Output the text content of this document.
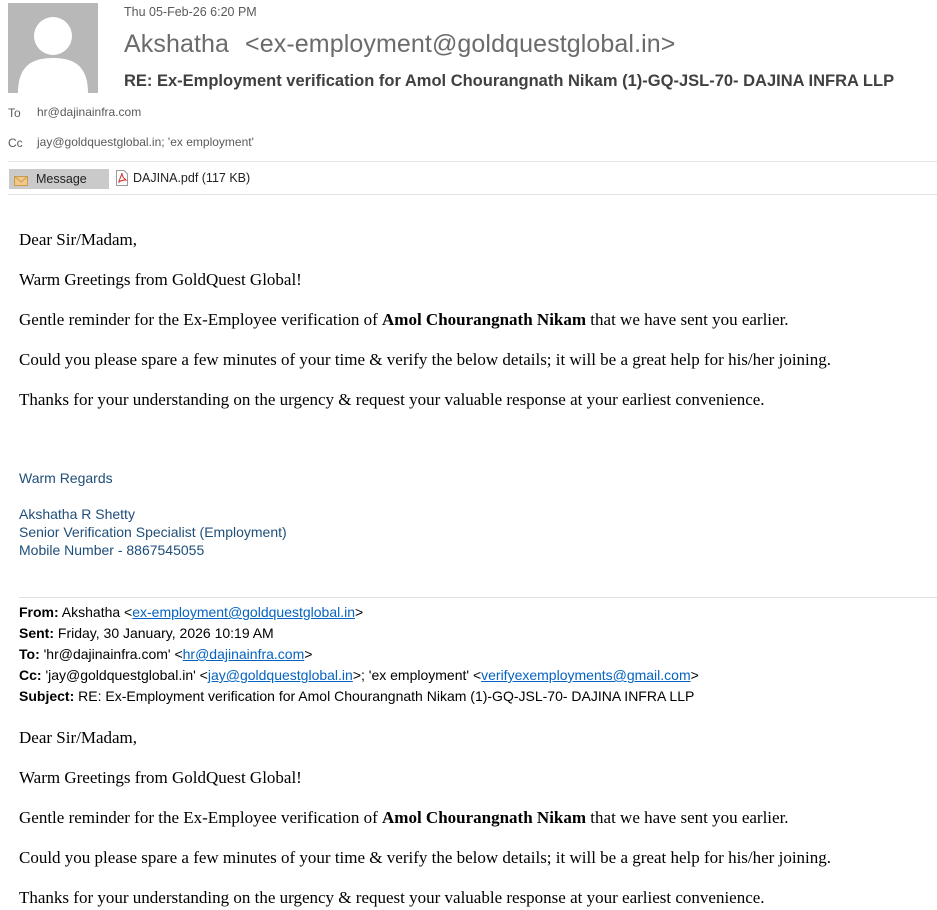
Thu 05-Feb-26 6:20 PM
Akshatha <ex-employment@goldquestglobal.in>
RE: Ex-Employment verification for Amol Chourangnath Nikam (1)-GQ-JSL-70- DAJINA INFRA LLP
To hr@dajinainfra.com
Cc jay@goldquestglobal.in; 'ex employment'
Message	DAJINA.pdf (117 KB)
Dear Sir/Madam,
Warm Greetings from GoldQuest Global!
Gentle reminder for the Ex-Employee verification of Amol Chourangnath Nikam that we have sent you earlier.
Could you please spare a few minutes of your time & verify the below details; it will be a great help for his/her joining.
Thanks for your understanding on the urgency & request your valuable response at your earliest convenience.
Warm Regards
Akshatha R Shetty
Senior Verification Specialist (Employment)
Mobile Number - 8867545055
From: Akshatha <ex-employment@goldquestglobal.in>
Sent: Friday, 30 January, 2026 10:19 AM
To: 'hr@dajinainfra.com' <hr@dajinainfra.com>
Cc: 'jay@goldquestglobal.in' <jay@goldquestglobal.in>; 'ex employment' <verifyexemployments@gmail.com>
Subject: RE: Ex-Employment verification for Amol Chourangnath Nikam (1)-GQ-JSL-70- DAJINA INFRA LLP
Dear Sir/Madam,
Warm Greetings from GoldQuest Global!
Gentle reminder for the Ex-Employee verification of Amol Chourangnath Nikam that we have sent you earlier.
Could you please spare a few minutes of your time & verify the below details; it will be a great help for his/her joining.
Thanks for your understanding on the urgency & request your valuable response at your earliest convenience.
